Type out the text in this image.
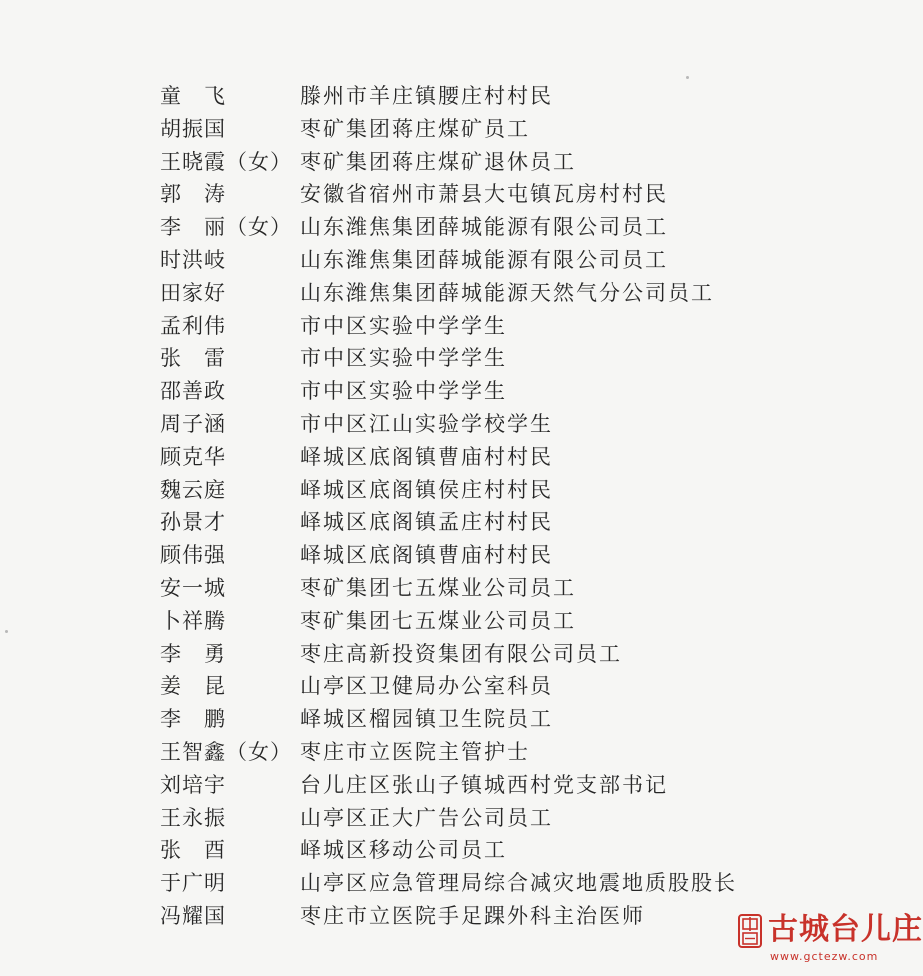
童　飞	滕州市羊庄镇腰庄村村民
胡振国	枣矿集团蒋庄煤矿员工
王晓霞（女） 枣矿集团蒋庄煤矿退休员工
郭　涛	安徽省宿州市萧县大屯镇瓦房村村民
李　丽（女） 山东潍焦集团薛城能源有限公司员工
时洪岐	山东潍焦集团薛城能源有限公司员工
田家好	山东潍焦集团薛城能源天然气分公司员工
孟利伟	市中区实验中学学生
张　雷	市中区实验中学学生
邵善政	市中区实验中学学生
周子涵	市中区江山实验学校学生
顾克华	峄城区底阁镇曹庙村村民
魏云庭	峄城区底阁镇侯庄村村民
孙景才	峄城区底阁镇孟庄村村民
顾伟强	峄城区底阁镇曹庙村村民
安一城	枣矿集团七五煤业公司员工
卜祥腾	枣矿集团七五煤业公司员工
李　勇	枣庄高新投资集团有限公司员工
姜　昆	山亭区卫健局办公室科员
李　鹏	峄城区榴园镇卫生院员工
王智鑫（女） 枣庄市立医院主管护士
刘培宇	台儿庄区张山子镇城西村党支部书记
王永振	山亭区正大广告公司员工
张　酉	峄城区移动公司员工
于广明	山亭区应急管理局综合减灾地震地质股股长
冯耀国	枣庄市立医院手足踝外科主治医师	古城台儿庄
www.gctezw.com
